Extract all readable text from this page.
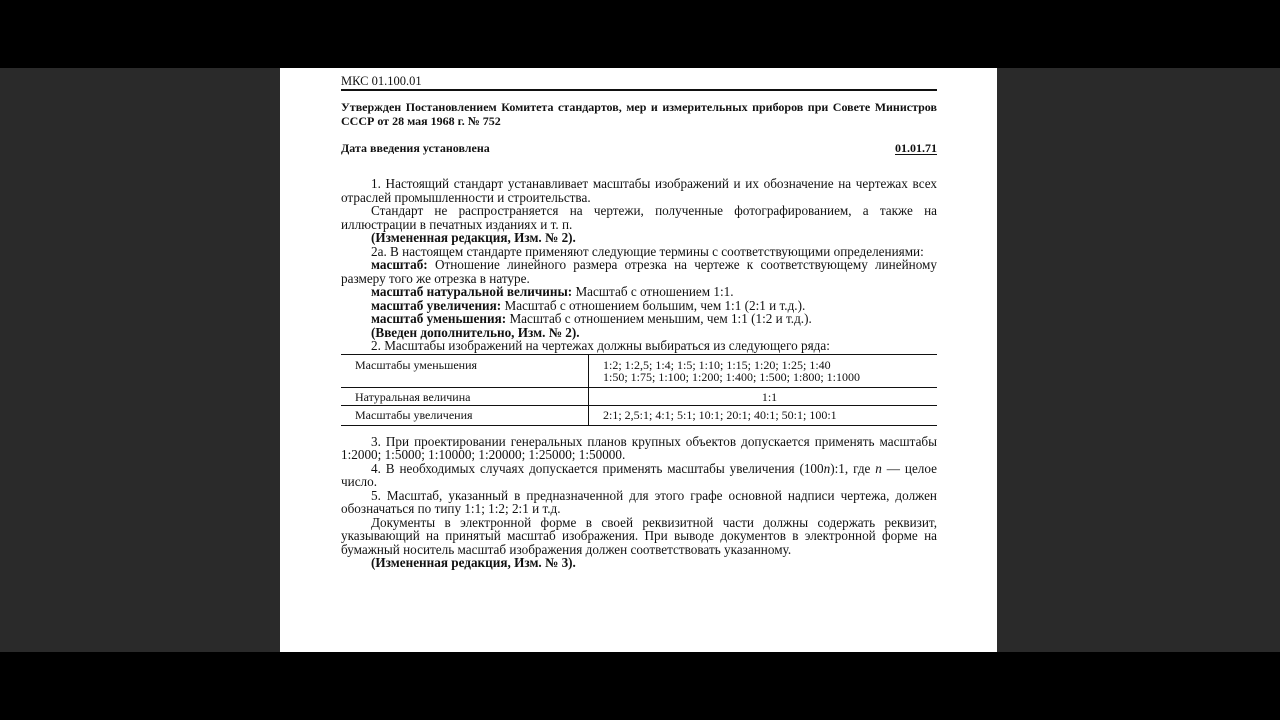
МКС 01.100.01
Утвержден Постановлением Комитета стандартов, мер и измерительных приборов при Совете Министров СССР от 28 мая 1968 г. № 752
Дата введения установлена	01.01.71

1. Настоящий стандарт устанавливает масштабы изображений и их обозначение на чертежах всех отраслей промышленности и строительства.

Стандарт не распространяется на чертежи, полученные фотографированием, а также на иллюстрации в печатных изданиях и т. п.

(Измененная редакция, Изм. № 2).

2а. В настоящем стандарте применяют следующие термины с соответствующими определениями:

масштаб: Отношение линейного размера отрезка на чертеже к соответствующему линейному размеру того же отрезка в натуре.

масштаб натуральной величины: Масштаб с отношением 1:1.

масштаб увеличения: Масштаб с отношением большим, чем 1:1 (2:1 и т.д.).

масштаб уменьшения: Масштаб с отношением меньшим, чем 1:1 (1:2 и т.д.).

(Введен дополнительно, Изм. № 2).

2. Масштабы изображений на чертежах должны выбираться из следующего ряда:

Масштабы уменьшения	1:2; 1:2,5; 1:4; 1:5; 1:10; 1:15; 1:20; 1:25; 1:40
1:50; 1:75; 1:100; 1:200; 1:400; 1:500; 1:800; 1:1000

Натуральная величина	1:1
Масштабы увеличения	2:1; 2,5:1; 4:1; 5:1; 10:1; 20:1; 40:1; 50:1; 100:1

3. При проектировании генеральных планов крупных объектов допускается применять масштабы 1:2000; 1:5000; 1:10000; 1:20000; 1:25000; 1:50000.

4. В необходимых случаях допускается применять масштабы увеличения (100n):1, где n — целое число.

5. Масштаб, указанный в предназначенной для этого графе основной надписи чертежа, должен обозначаться по типу 1:1; 1:2; 2:1 и т.д.

Документы в электронной форме в своей реквизитной части должны содержать реквизит, указывающий на принятый масштаб изображения. При выводе документов в электронной форме на бумажный носитель масштаб изображения должен соответствовать указанному.

(Измененная редакция, Изм. № 3).
